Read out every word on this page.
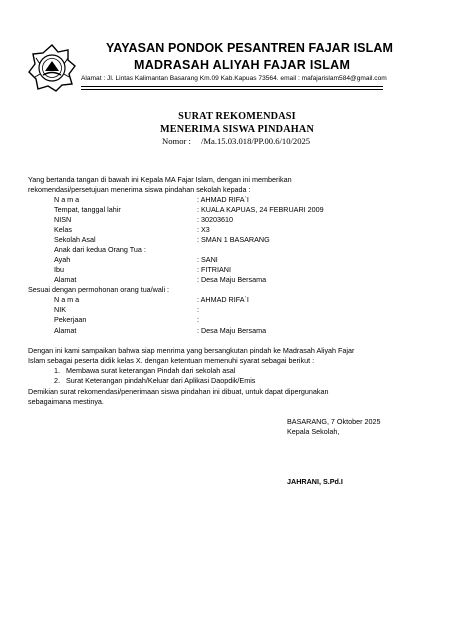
YAYASAN PONDOK PESANTREN FAJAR ISLAM
MADRASAH ALIYAH FAJAR ISLAM
Alamat : Jl. Lintas Kalimantan Basarang Km.09 Kab.Kapuas 73564. email : mafajarislam584@gmail.com
SURAT REKOMENDASI
MENERIMA SISWA PINDAHAN
Nomor : /Ma.15.03.018/PP.00.6/10/2025
Yang bertanda tangan di bawah ini Kepala MA Fajar Islam, dengan ini memberikan
rekomendasi/persetujuan menerima siswa pindahan sekolah kepada :
N a m a	: AHMAD RIFA`I
Tempat, tanggal lahir	: KUALA KAPUAS, 24 FEBRUARI 2009
NISN	: 30203610
Kelas	: X3
Sekolah Asal	: SMAN 1 BASARANG
Anak dari kedua Orang Tua :
Ayah	: SANI
Ibu	: FITRIANI
Alamat	: Desa Maju Bersama
Sesuai dengan permohonan orang tua/wali :
N a m a	: AHMAD RIFA`I
NIK	:
Pekerjaan	:
Alamat	: Desa Maju Bersama
Dengan ini kami sampaikan bahwa siap menrima yang bersangkutan pindah ke Madrasah Aliyah Fajar
Islam sebagai peserta didik kelas X. dengan ketentuan memenuhi syarat sebagai berikut :
1. Membawa surat keterangan Pindah dari sekolah asal
2. Surat Keterangan pindah/Keluar dari Aplikasi Daopdik/Emis
Demikian surat rekomendasi/penerimaan siswa pindahan ini dibuat, untuk dapat dipergunakan
sebagaimana mestinya.
BASARANG, 7 Oktober 2025
Kepala Sekolah,
JAHRANI, S.Pd.I
